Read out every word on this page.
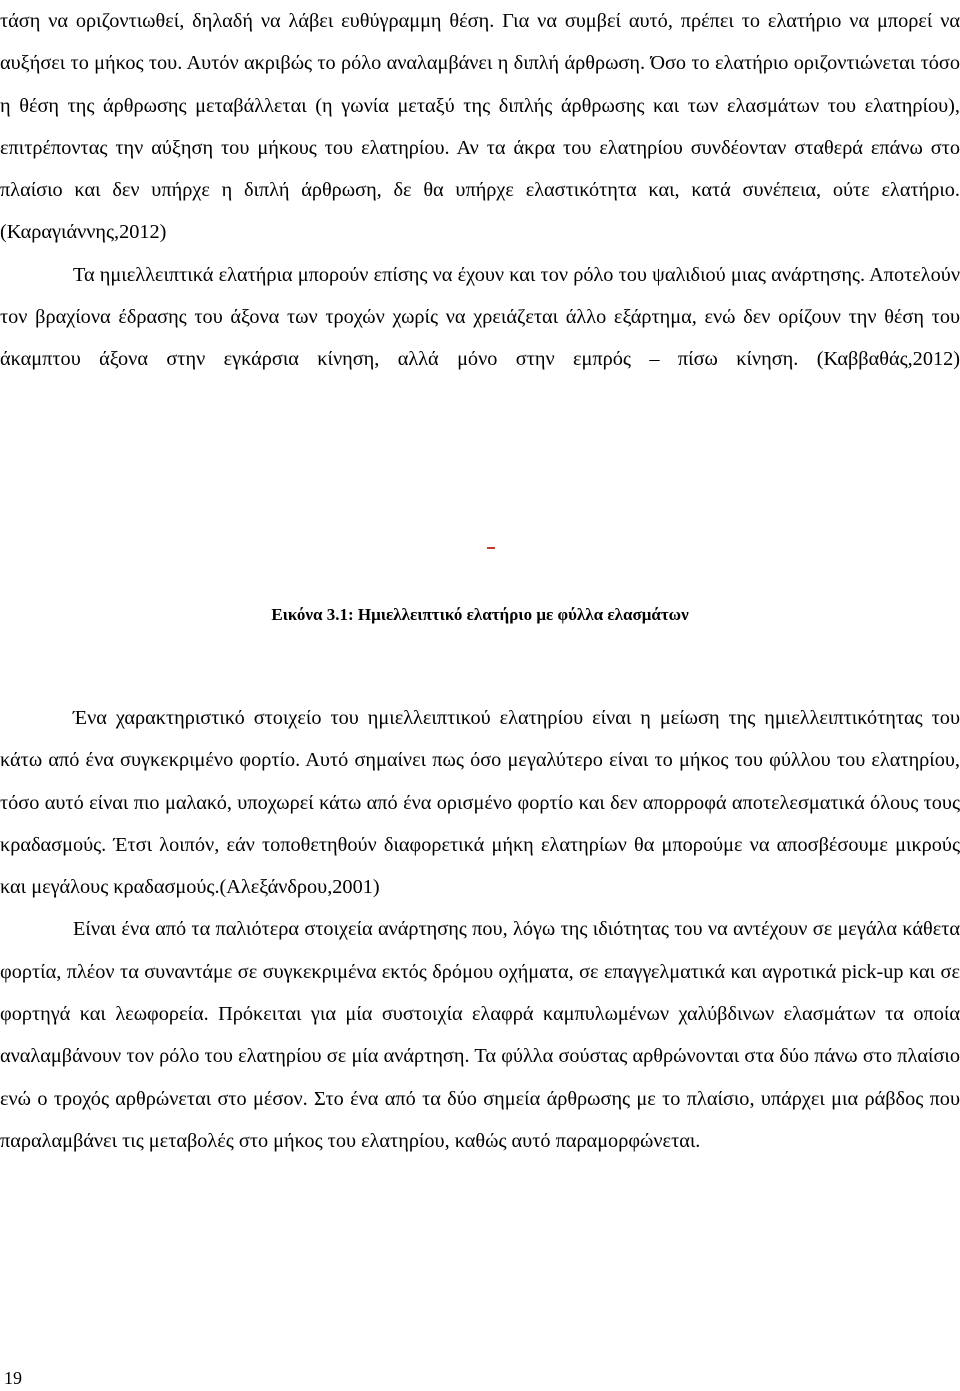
τάση να οριζοντιωθεί, δηλαδή να λάβει ευθύγραμμη θέση. Για να συμβεί αυτό, πρέπει το ελατήριο να μπορεί να αυξήσει το μήκος του. Αυτόν ακριβώς το ρόλο αναλαμβάνει η διπλή άρθρωση. Όσο το ελατήριο οριζοντιώνεται τόσο η θέση της άρθρωσης μεταβάλλεται (η γωνία μεταξύ της διπλής άρθρωσης και των ελασμάτων του ελατηρίου), επιτρέποντας την αύξηση του μήκους του ελατηρίου. Αν τα άκρα του ελατηρίου συνδέονταν σταθερά επάνω στο πλαίσιο και δεν υπήρχε η διπλή άρθρωση, δε θα υπήρχε ελαστικότητα και, κατά συνέπεια, ούτε ελατήριο. (Καραγιάννης,2012)

Τα ημιελλειπτικά ελατήρια μπορούν επίσης να έχουν και τον ρόλο του ψαλιδιού μιας ανάρτησης. Αποτελούν τον βραχίονα έδρασης του άξονα των τροχών χωρίς να χρειάζεται άλλο εξάρτημα, ενώ δεν ορίζουν την θέση του άκαμπτου άξονα στην εγκάρσια κίνηση, αλλά μόνο στην εμπρός – πίσω κίνηση. (Καββαθάς,2012)

Εικόνα 3.1: Ημιελλειπτικό ελατήριο με φύλλα ελασμάτων

Ένα χαρακτηριστικό στοιχείο του ημιελλειπτικού ελατηρίου είναι η μείωση της ημιελλειπτικότητας του κάτω από ένα συγκεκριμένο φορτίο. Αυτό σημαίνει πως όσο μεγαλύτερο είναι το μήκος του φύλλου του ελατηρίου, τόσο αυτό είναι πιο μαλακό, υποχωρεί κάτω από ένα ορισμένο φορτίο και δεν απορροφά αποτελεσματικά όλους τους κραδασμούς. Έτσι λοιπόν, εάν τοποθετηθούν διαφορετικά μήκη ελατηρίων θα μπορούμε να αποσβέσουμε μικρούς και μεγάλους κραδασμούς.(Αλεξάνδρου,2001)

Είναι ένα από τα παλιότερα στοιχεία ανάρτησης που, λόγω της ιδιότητας του να αντέχουν σε μεγάλα κάθετα φορτία, πλέον τα συναντάμε σε συγκεκριμένα εκτός δρόμου οχήματα, σε επαγγελματικά και αγροτικά pick-up και σε φορτηγά και λεωφορεία. Πρόκειται για μία συστοιχία ελαφρά καμπυλωμένων χαλύβδινων ελασμάτων τα οποία αναλαμβάνουν τον ρόλο του ελατηρίου σε μία ανάρτηση. Τα φύλλα σούστας αρθρώνονται στα δύο πάνω στο πλαίσιο ενώ ο τροχός αρθρώνεται στο μέσον. Στο ένα από τα δύο σημεία άρθρωσης με το πλαίσιο, υπάρχει μια ράβδος που παραλαμβάνει τις μεταβολές στο μήκος του ελατηρίου, καθώς αυτό παραμορφώνεται.

19
